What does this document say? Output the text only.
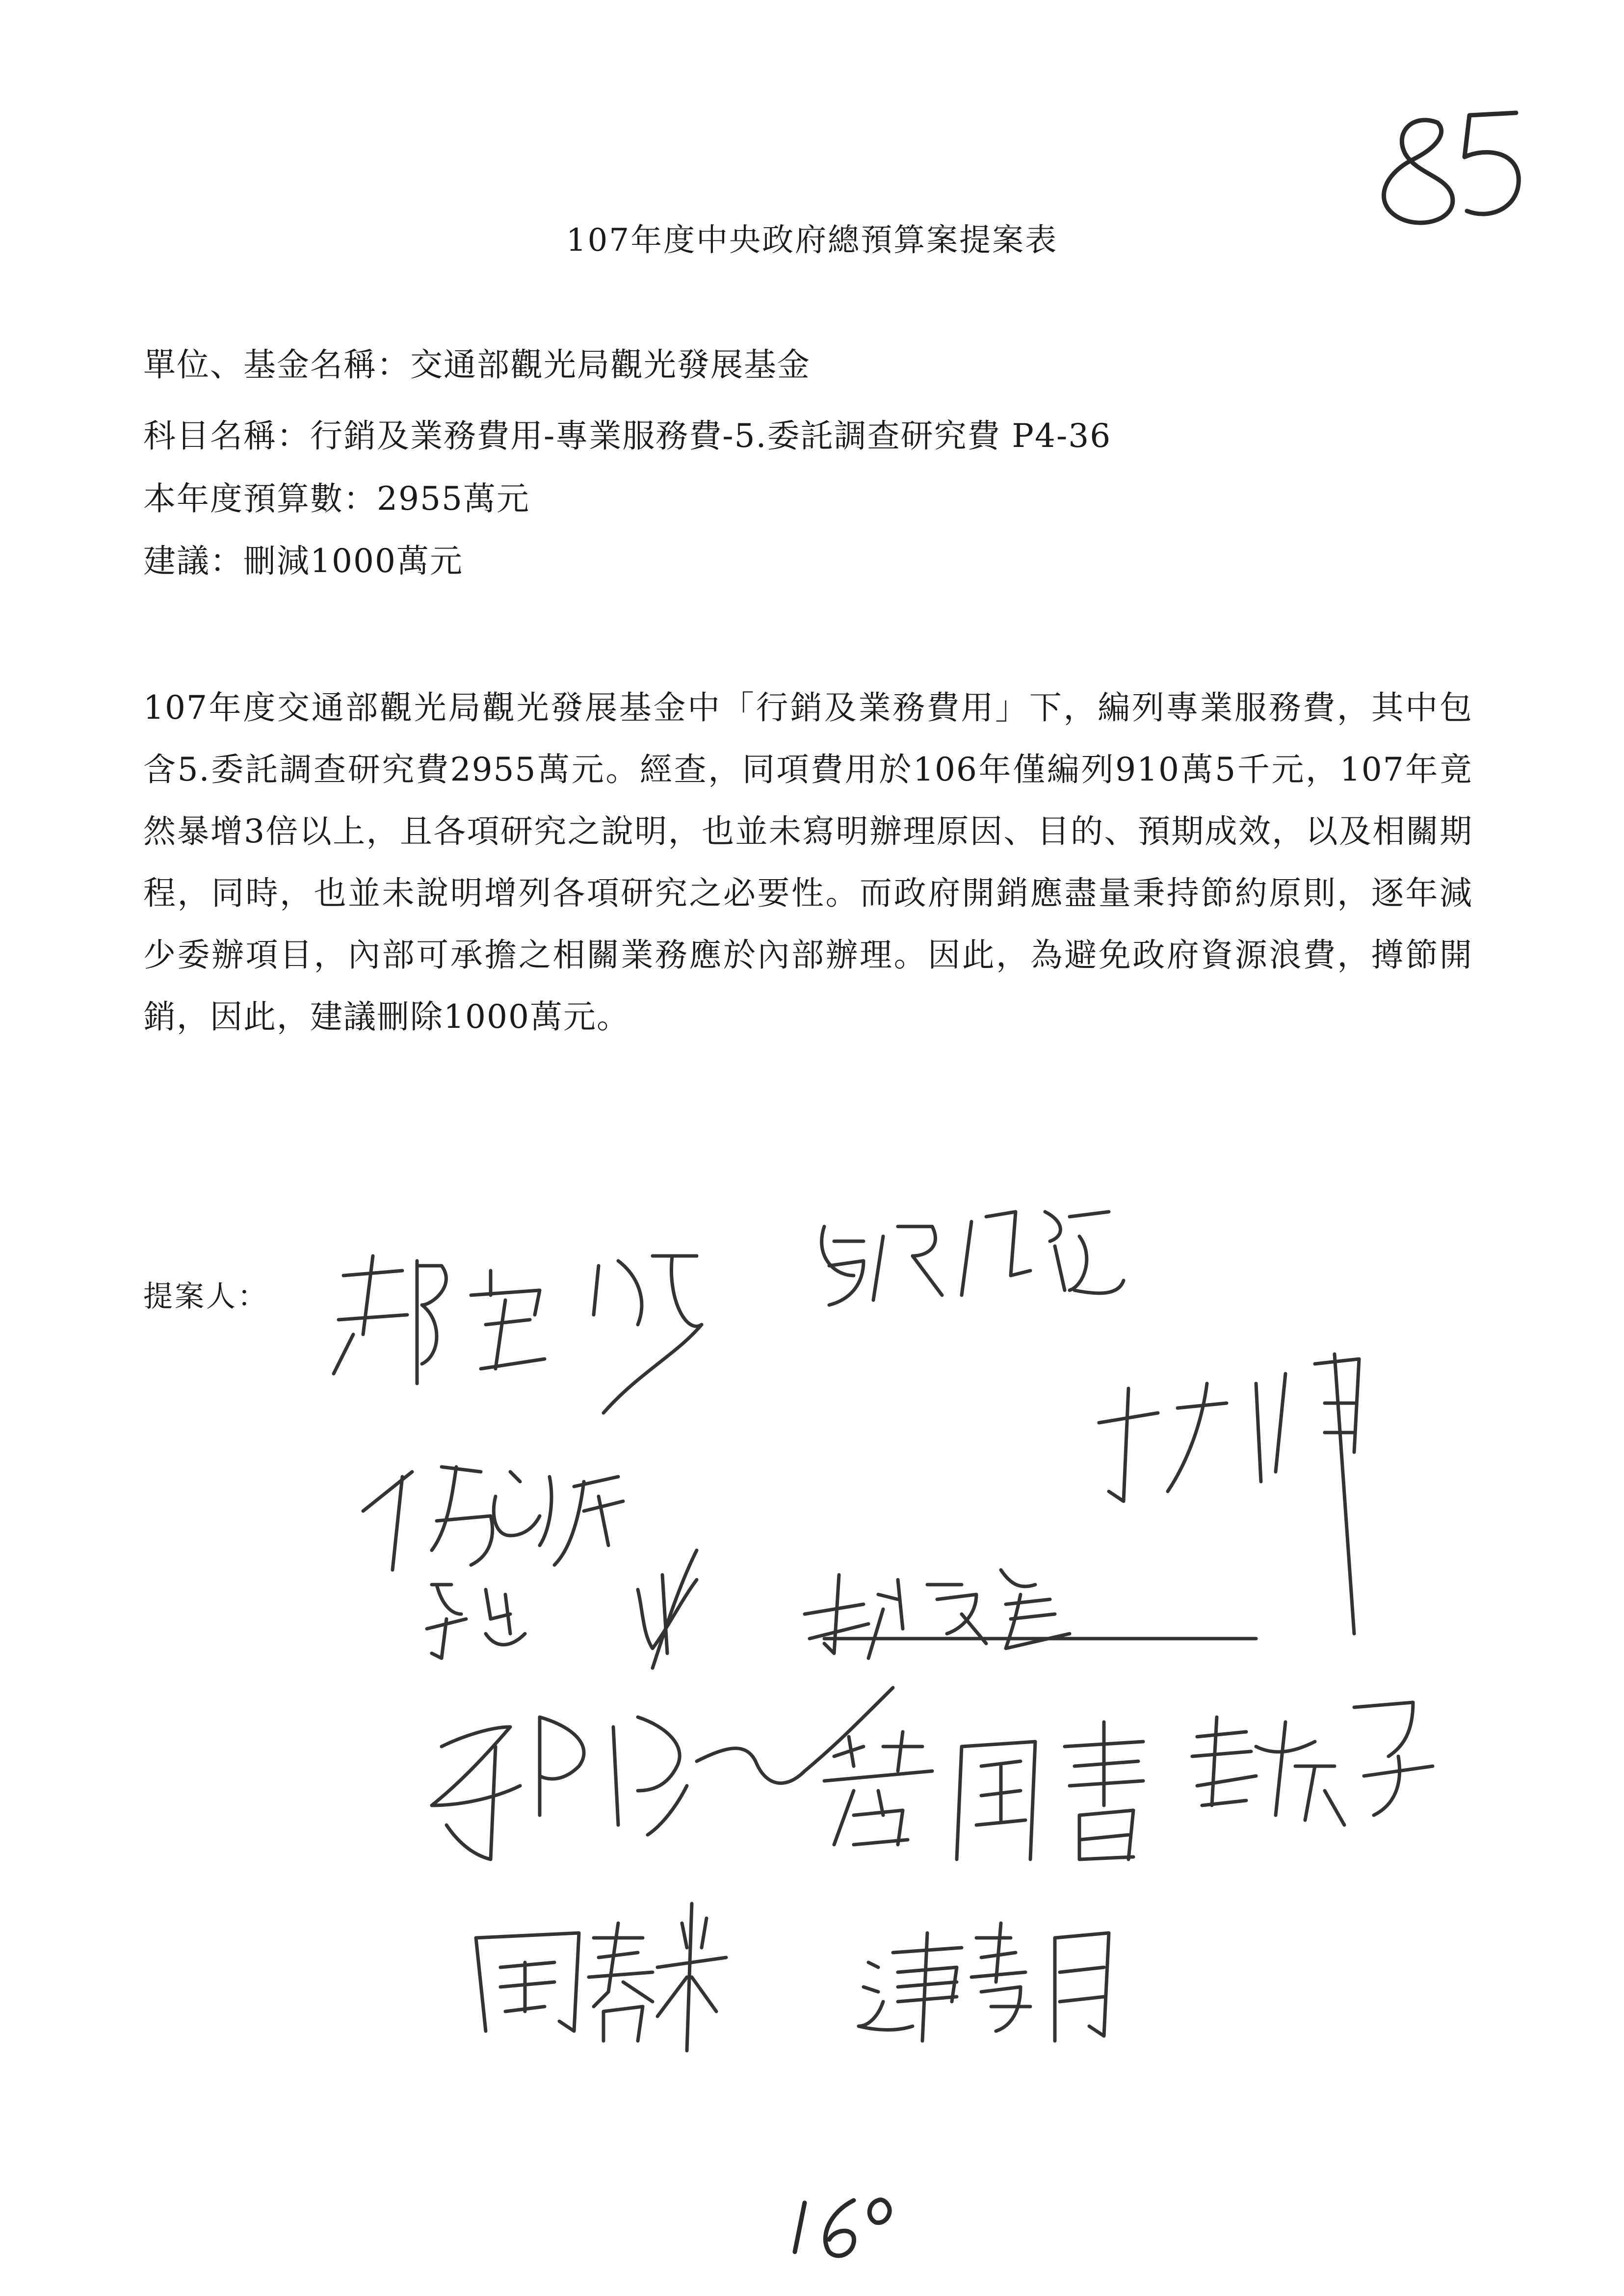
107年度中央政府總預算案提案表
單位、基金名稱：交通部觀光局觀光發展基金
科目名稱：行銷及業務費用-專業服務費-5.委託調查研究費 P4-36
本年度預算數：2955萬元
建議：刪減1000萬元
107年度交通部觀光局觀光發展基金中「行銷及業務費用」下，編列專業服務費，其中包含5.委託調查研究費2955萬元。經查，同項費用於106年僅編列910萬5千元，107年竟然暴增3倍以上，且各項研究之說明，也並未寫明辦理原因、目的、預期成效，以及相關期程，同時，也並未說明增列各項研究之必要性。而政府開銷應盡量秉持節約原則，逐年減少委辦項目，內部可承擔之相關業務應於內部辦理。因此，為避免政府資源浪費，撙節開銷，因此，建議刪除1000萬元。
提案人：
